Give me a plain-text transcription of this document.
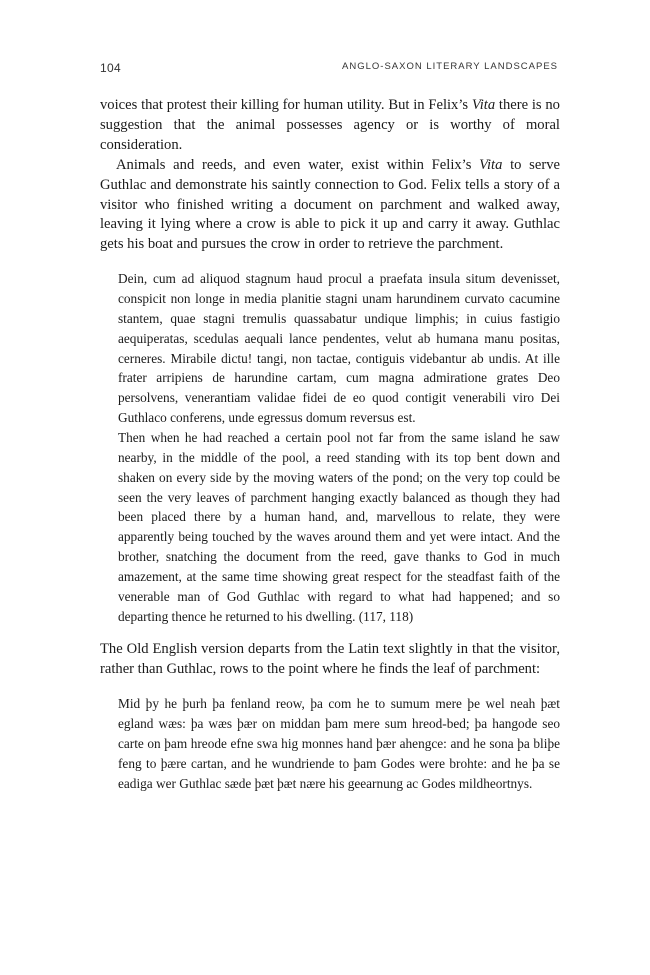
104	ANGLO-SAXON LITERARY LANDSCAPES

voices that protest their killing for human utility. But in Felix’s Vita there is no suggestion that the animal possesses agency or is worthy of moral consideration.

Animals and reeds, and even water, exist within Felix’s Vita to serve Guthlac and demonstrate his saintly connection to God. Felix tells a story of a visitor who finished writing a document on parchment and walked away, leaving it lying where a crow is able to pick it up and carry it away. Guthlac gets his boat and pursues the crow in order to retrieve the parchment.

Dein, cum ad aliquod stagnum haud procul a praefata insula situm devenisset, conspicit non longe in media planitie stagni unam harundinem curvato cacumine stantem, quae stagni tremulis quassabatur undique limphis; in cuius fastigio aequiperatas, scedulas aequali lance pendentes, velut ab humana manu positas, cerneres. Mirabile dictu! tangi, non tactae, contiguis videbantur ab undis. At ille frater arripiens de harundine cartam, cum magna admiratione grates Deo persolvens, venerantiam validae fidei de eo quod contigit venerabili viro Dei Guthlaco conferens, unde egressus domum reversus est.

Then when he had reached a certain pool not far from the same island he saw nearby, in the middle of the pool, a reed standing with its top bent down and shaken on every side by the moving waters of the pond; on the very top could be seen the very leaves of parchment hanging exactly balanced as though they had been placed there by a human hand, and, marvellous to relate, they were apparently being touched by the waves around them and yet were intact. And the brother, snatching the document from the reed, gave thanks to God in much amazement, at the same time showing great respect for the steadfast faith of the venerable man of God Guthlac with regard to what had happened; and so departing thence he returned to his dwelling. (117, 118)

The Old English version departs from the Latin text slightly in that the visitor, rather than Guthlac, rows to the point where he finds the leaf of parchment:

Mid þy he þurh þa fenland reow, þa com he to sumum mere þe wel neah þæt egland wæs: þa wæs þær on middan þam mere sum hreod-bed; þa hangode seo carte on þam hreode efne swa hig monnes hand þær ahengce: and he sona þa bliþe feng to þære cartan, and he wundriende to þam Godes were brohte: and he þa se eadiga wer Guthlac sæde þæt þæt nære his geearnung ac Godes mildheortnys.
